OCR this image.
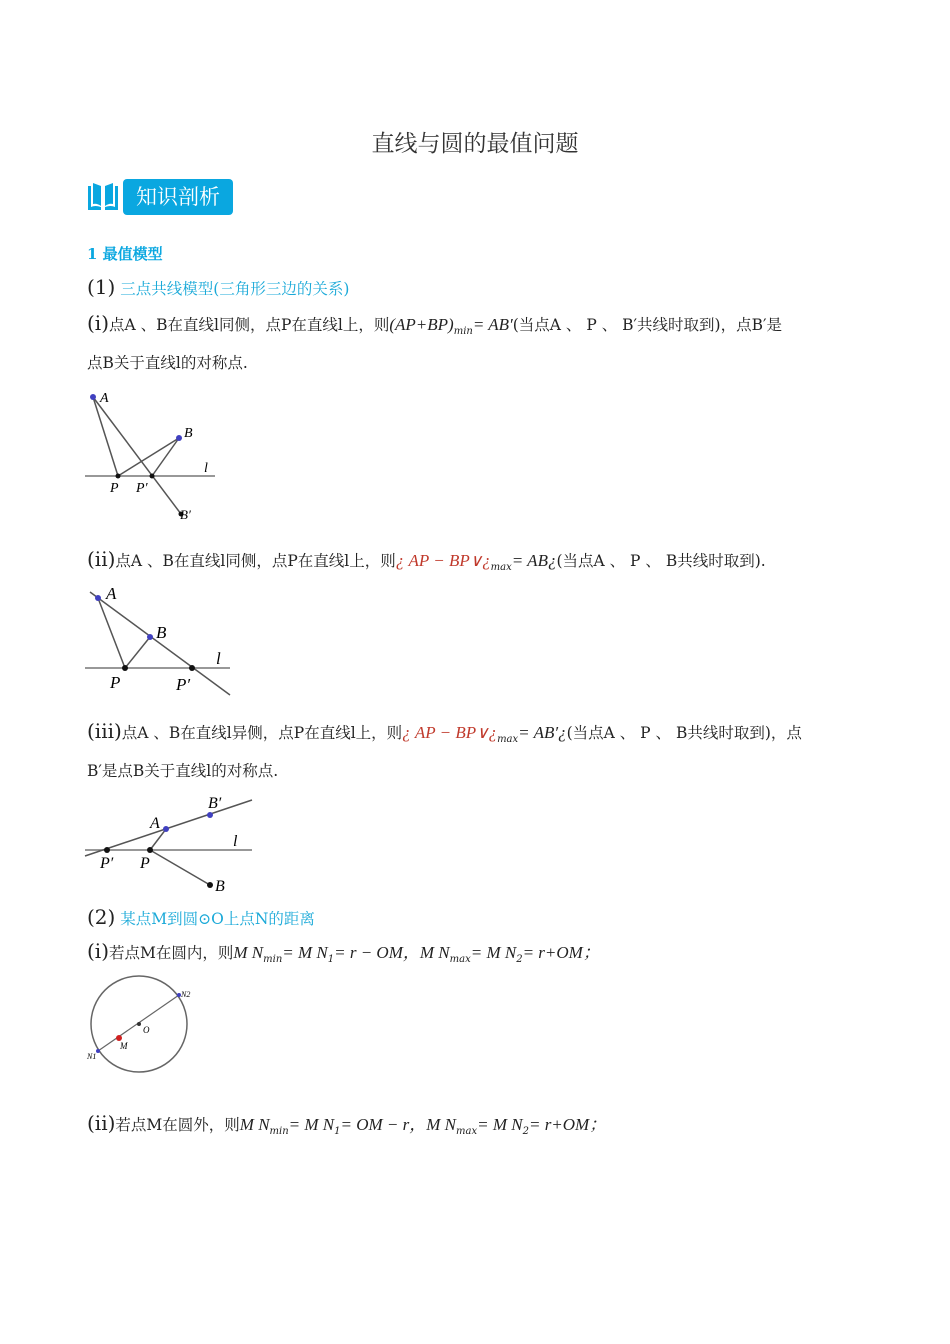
直线与圆的最值问题
知识剖析
1 最值模型
(1) 三点共线模型(三角形三边的关系)
(i)点A 、B在直线l同侧，点P在直线l上，则$(AP+BP)_{min}= AB'$(当点A 、 P 、 B′共线时取到)，点B′是
点B关于直线l的对称点.
A
B
l
P P′
B′
(ii)点A 、B在直线l同侧，点P在直线l上，则¿ AP − $BP\vee¿_{max}=$ AB¿(当点A 、 P 、 B共线时取到).
A
B
l
P	P′
(iii)点A 、B在直线l异侧，点P在直线l上，则¿ AP − $BP\vee¿_{max}=$ AB′¿(当点A 、 P 、 B共线时取到)，点
B′是点B关于直线l的对称点.
B′
A
l
P′ P
B
(2) 某点M到圆⊙O上点N的距离
(i)若点M在圆内，则M $N_{min}= M$ $N_1= r$ − OM，M $N_{max}= M$ $N_2= r+OM$；
N2
O
M
N1
(ii)若点M在圆外，则M $N_{min}= M$ $N_1=$ OM − r，M $N_{max}= M$ $N_2= r+OM$；
